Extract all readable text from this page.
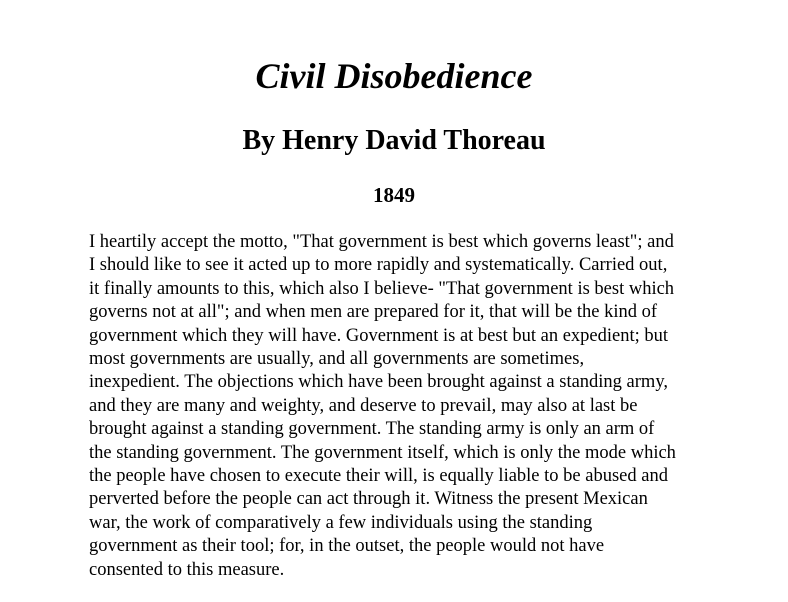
Civil Disobedience
By Henry David Thoreau
1849

I heartily accept the motto, "That government is best which governs least"; and
I should like to see it acted up to more rapidly and systematically. Carried out,
it finally amounts to this, which also I believe- "That government is best which
governs not at all"; and when men are prepared for it, that will be the kind of
government which they will have. Government is at best but an expedient; but
most governments are usually, and all governments are sometimes,
inexpedient. The objections which have been brought against a standing army,
and they are many and weighty, and deserve to prevail, may also at last be
brought against a standing government. The standing army is only an arm of
the standing government. The government itself, which is only the mode which
the people have chosen to execute their will, is equally liable to be abused and
perverted before the people can act through it. Witness the present Mexican
war, the work of comparatively a few individuals using the standing
government as their tool; for, in the outset, the people would not have
consented to this measure.
